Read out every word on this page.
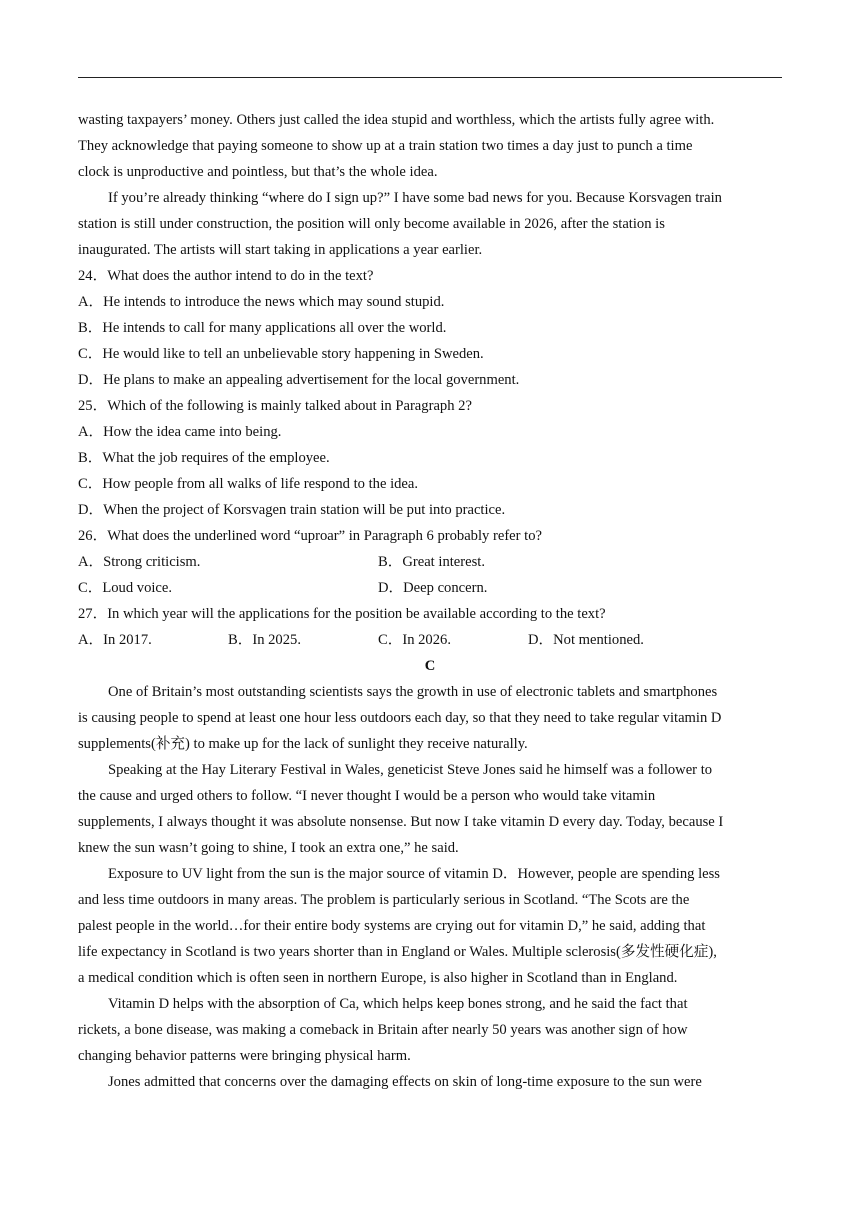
wasting taxpayers’ money. Others just called the idea stupid and worthless, which the artists fully agree with.
They acknowledge that paying someone to show up at a train station two times a day just to punch a time
clock is unproductive and pointless, but that’s the whole idea.
If you’re already thinking “where do I sign up?” I have some bad news for you. Because Korsvagen train
station is still under construction, the position will only become available in 2026, after the station is
inaugurated. The artists will start taking in applications a year earlier.
24．What does the author intend to do in the text?
A．He intends to introduce the news which may sound stupid.
B．He intends to call for many applications all over the world.
C．He would like to tell an unbelievable story happening in Sweden.
D．He plans to make an appealing advertisement for the local government.
25．Which of the following is mainly talked about in Paragraph 2?
A．How the idea came into being.
B．What the job requires of the employee.
C．How people from all walks of life respond to the idea.
D．When the project of Korsvagen train station will be put into practice.
26．What does the underlined word “uproar” in Paragraph 6 probably refer to?
A．Strong criticism.	B．Great interest.
C．Loud voice.	D．Deep concern.
27．In which year will the applications for the position be available according to the text?
A．In 2017.	B．In 2025.	C．In 2026.	D．Not mentioned.
C
One of Britain’s most outstanding scientists says the growth in use of electronic tablets and smartphones
is causing people to spend at least one hour less outdoors each day, so that they need to take regular vitamin D
supplements(补充) to make up for the lack of sunlight they receive naturally.
Speaking at the Hay Literary Festival in Wales, geneticist Steve Jones said he himself was a follower to
the cause and urged others to follow. “I never thought I would be a person who would take vitamin
supplements, I always thought it was absolute nonsense. But now I take vitamin D every day. Today, because I
knew the sun wasn’t going to shine, I took an extra one,” he said.
Exposure to UV light from the sun is the major source of vitamin D．However, people are spending less
and less time outdoors in many areas. The problem is particularly serious in Scotland. “The Scots are the
palest people in the world…for their entire body systems are crying out for vitamin D,” he said, adding that
life expectancy in Scotland is two years shorter than in England or Wales. Multiple sclerosis(多发性硬化症),
a medical condition which is often seen in northern Europe, is also higher in Scotland than in England.
Vitamin D helps with the absorption of Ca, which helps keep bones strong, and he said the fact that
rickets, a bone disease, was making a comeback in Britain after nearly 50 years was another sign of how
changing behavior patterns were bringing physical harm.
Jones admitted that concerns over the damaging effects on skin of long-time exposure to the sun were
